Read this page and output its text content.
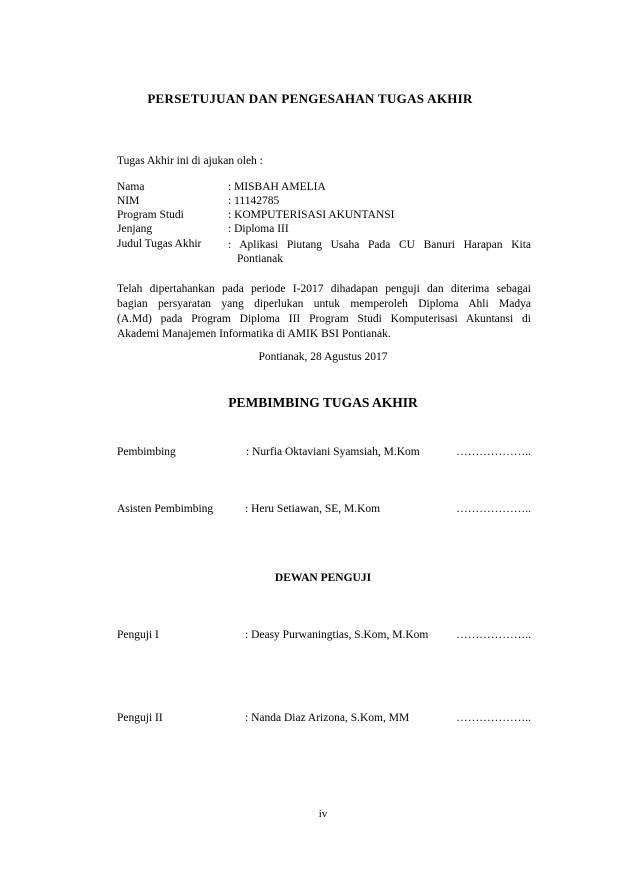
PERSETUJUAN DAN PENGESAHAN TUGAS AKHIR
Tugas Akhir ini di ajukan oleh :
Nama	: MISBAH AMELIA
NIM	: 11142785
Program Studi	: KOMPUTERISASI AKUNTANSI
Jenjang	: Diploma III
Judul Tugas Akhir : Aplikasi Piutang Usaha Pada CU Banuri Harapan Kita
Pontianak
Telah dipertahankan pada periode I-2017 dihadapan penguji dan diterima sebagai
bagian persyaratan yang diperlukan untuk memperoleh Diploma Ahli Madya
(A.Md) pada Program Diploma III Program Studi Komputerisasi Akuntansi di
Akademi Manajemen Informatika di AMIK BSI Pontianak.
Pontianak, 28 Agustus 2017
PEMBIMBING TUGAS AKHIR
Pembimbing	: Nurfia Oktaviani Syamsiah, M.Kom	………………..
Asisten Pembimbing	: Heru Setiawan, SE, M.Kom	………………..
DEWAN PENGUJI
Penguji I	: Deasy Purwaningtias, S.Kom, M.Kom ………………..
Penguji II	: Nanda Diaz Arizona, S.Kom, MM	………………..
iv
